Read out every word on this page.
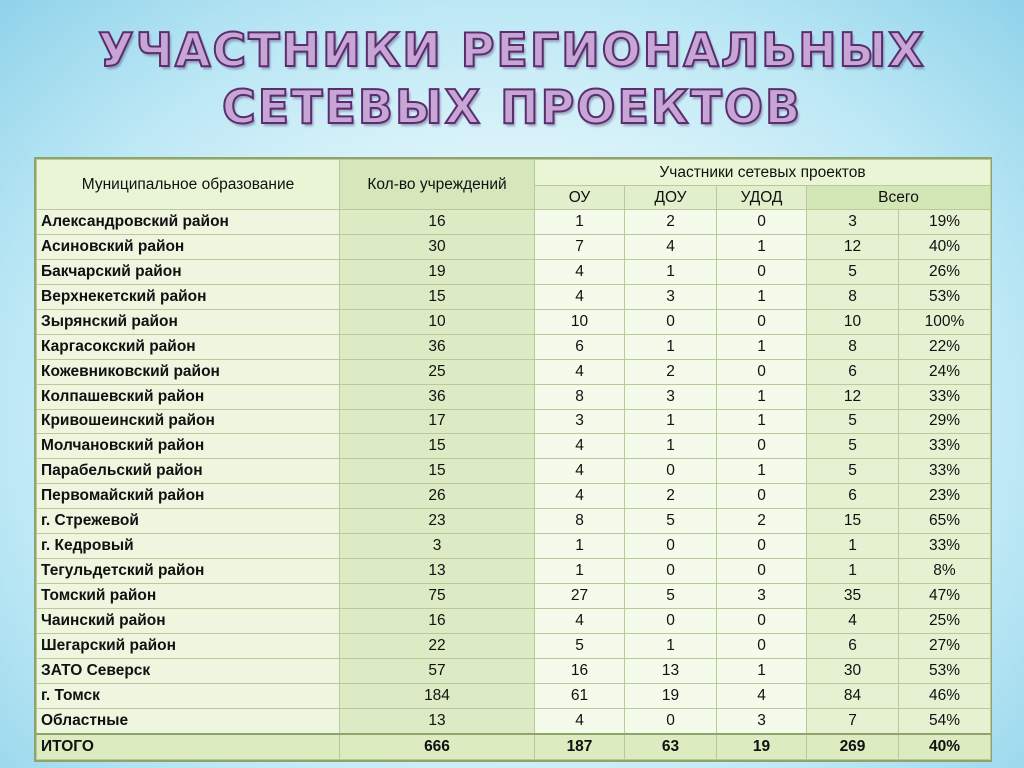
УЧАСТНИКИ РЕГИОНАЛЬНЫХ
СЕТЕВЫХ ПРОЕКТОВ
Муниципальное образование	Кол-во учреждений	Участники сетевых проектов				
		ОУ	ДОУ	УДОД	Всего	
Александровский район	16	1	2	0	3	19%
Асиновский район	30	7	4	1	12	40%
Бакчарский район	19	4	1	0	5	26%
Верхнекетский район	15	4	3	1	8	53%
Зырянский район	10	10	0	0	10	100%
Каргасокский район	36	6	1	1	8	22%
Кожевниковский район	25	4	2	0	6	24%
Колпашевский район	36	8	3	1	12	33%
Кривошеинский район	17	3	1	1	5	29%
Молчановский район	15	4	1	0	5	33%
Парабельский район	15	4	0	1	5	33%
Первомайский район	26	4	2	0	6	23%
г. Стрежевой	23	8	5	2	15	65%
г. Кедровый	3	1	0	0	1	33%
Тегульдетский район	13	1	0	0	1	8%
Томский район	75	27	5	3	35	47%
Чаинский район	16	4	0	0	4	25%
Шегарский район	22	5	1	0	6	27%
ЗАТО Северск	57	16	13	1	30	53%
г. Томск	184	61	19	4	84	46%
Областные	13	4	0	3	7	54%
ИТОГО	666	187	63	19	269	40%
